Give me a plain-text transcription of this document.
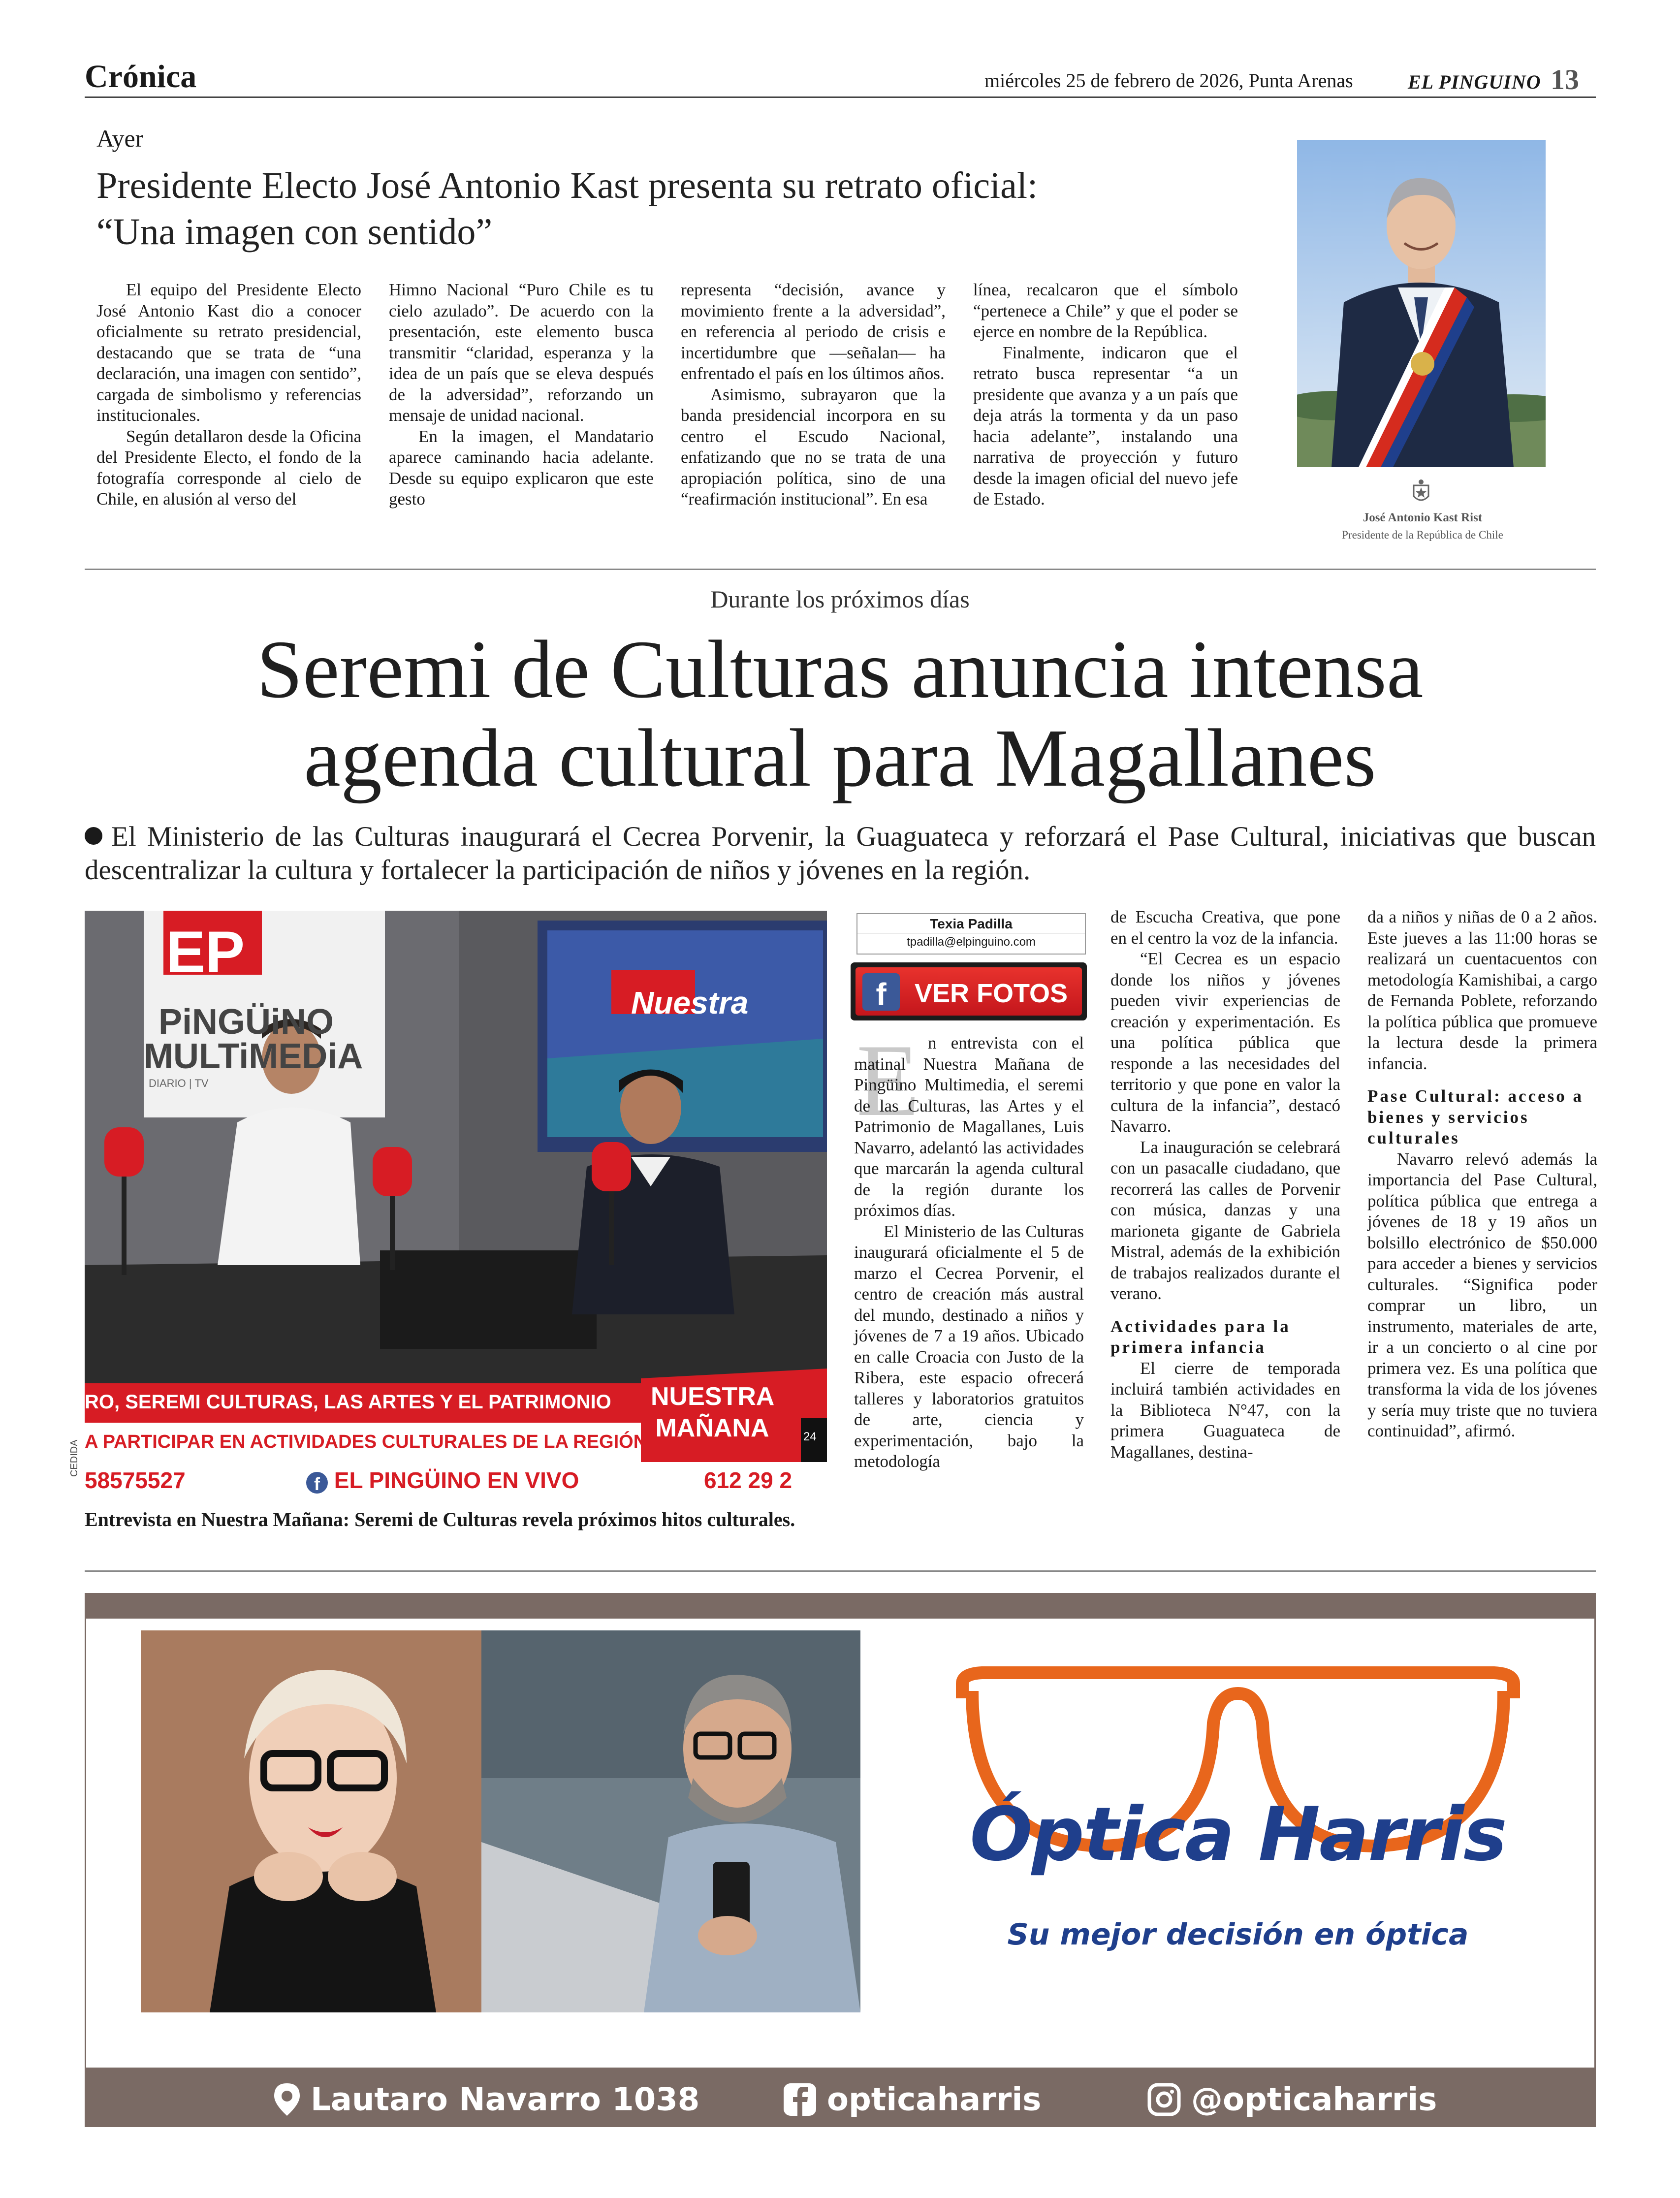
Crónica	miércoles 25 de febrero de 2026, Punta Arenas	EL PINGUINO 13
Ayer
Presidente Electo José Antonio Kast presenta su retrato oficial:
“Una imagen con sentido”

El equipo del Presidente Electo José Antonio Kast dio a conocer oficialmente su retrato presidencial, destacando que se trata de “una declaración, una imagen con sentido”, cargada de simbolismo y referencias institucionales.

Según detallaron desde la Oficina del Presidente Electo, el fondo de la fotografía corresponde al cielo de Chile, en alusión al verso del

Himno Nacional “Puro Chile es tu cielo azulado”. De acuerdo con la presentación, este elemento busca transmitir “claridad, esperanza y la idea de un país que se eleva después de la adversidad”, reforzando un mensaje de unidad nacional.

En la imagen, el Mandatario aparece caminando hacia adelante. Desde su equipo explicaron que este gesto

representa “decisión, avance y movimiento frente a la adversidad”, en referencia al periodo de crisis e incertidumbre que —señalan— ha enfrentado el país en los últimos años.

Asimismo, subrayaron que la banda presidencial incorpora en su centro el Escudo Nacional, enfatizando que no se trata de una apropiación política, sino de una “reafirmación institucional”. En esa

línea, recalcaron que el símbolo “pertenece a Chile” y que el poder se ejerce en nombre de la República.

Finalmente, indicaron que el retrato busca representar “a un presidente que avanza y a un país que deja atrás la tormenta y da un paso hacia adelante”, instalando una narrativa de proyección y futuro desde la imagen oficial del nuevo jefe de Estado.

José Antonio Kast Rist
Presidente de la República de Chile
Durante los próximos días
Seremi de Culturas anuncia intensa
agenda cultural para Magallanes
El Ministerio de las Culturas inaugurará el Cecrea Porvenir, la Guaguateca y reforzará el Pase Cultural, iniciativas que buscan descentralizar la cultura y fortalecer la participación de niños y jóvenes en la región.
EP
PiNGÜiNO
MULTiMEDiA
DIARIO | TV
Nuestra
RO, SEREMI CULTURAS, LAS ARTES Y EL PATRIMONIO
A PARTICIPAR EN ACTIVIDADES CULTURALES DE LA REGIÓN
NUESTRA
MAÑANA	24
58575527	f EL PINGÜINO EN VIVO	612 29 2
CEDIDA
Entrevista en Nuestra Mañana: Seremi de Culturas revela próximos hitos culturales.
Texia Padilla
tpadilla@elpinguino.com
f	VER FOTOS
E n entrevista con el matinal Nuestra Mañana de Pingüino Multimedia, el seremi de las Culturas, las Artes y el Patrimonio de Magallanes, Luis Navarro, adelantó las actividades que marcarán la agenda cultural de la región durante los próximos días.

El Ministerio de las Culturas inaugurará oficialmente el 5 de marzo el Cecrea Porvenir, el centro de creación más austral del mundo, destinado a niños y jóvenes de 7 a 19 años. Ubicado en calle Croacia con Justo de la Ribera, este espacio ofrecerá talleres y laboratorios gratuitos de arte, ciencia y experimentación, bajo la metodología

de Escucha Creativa, que pone en el centro la voz de la infancia.

“El Cecrea es un espacio donde los niños y jóvenes pueden vivir experiencias de creación y experimentación. Es una política pública que responde a las necesidades del territorio y que pone en valor la cultura de la infancia”, destacó Navarro.

La inauguración se celebrará con un pasacalle ciudadano, que recorrerá las calles de Porvenir con música, danzas y una marioneta gigante de Gabriela Mistral, además de la exhibición de trabajos realizados durante el verano.

Actividades para la primera infancia

El cierre de temporada incluirá también actividades en la Biblioteca N°47, con la primera Guaguateca de Magallanes, destina-

da a niños y niñas de 0 a 2 años. Este jueves a las 11:00 horas se realizará un cuentacuentos con metodología Kamishibai, a cargo de Fernanda Poblete, reforzando la política pública que promueve la lectura desde la primera infancia.

Pase Cultural: acceso a bienes y servicios culturales

Navarro relevó además la importancia del Pase Cultural, política pública que entrega a jóvenes de 18 y 19 años un bolsillo electrónico de $50.000 para acceder a bienes y servicios culturales. “Significa poder comprar un libro, un instrumento, materiales de arte, ir a un concierto o al cine por primera vez. Es una política que transforma la vida de los jóvenes y sería muy triste que no tuviera continuidad”, afirmó.

Óptica Harris
Su mejor decisión en óptica
Lautaro Navarro 1038	opticaharris	@opticaharris
